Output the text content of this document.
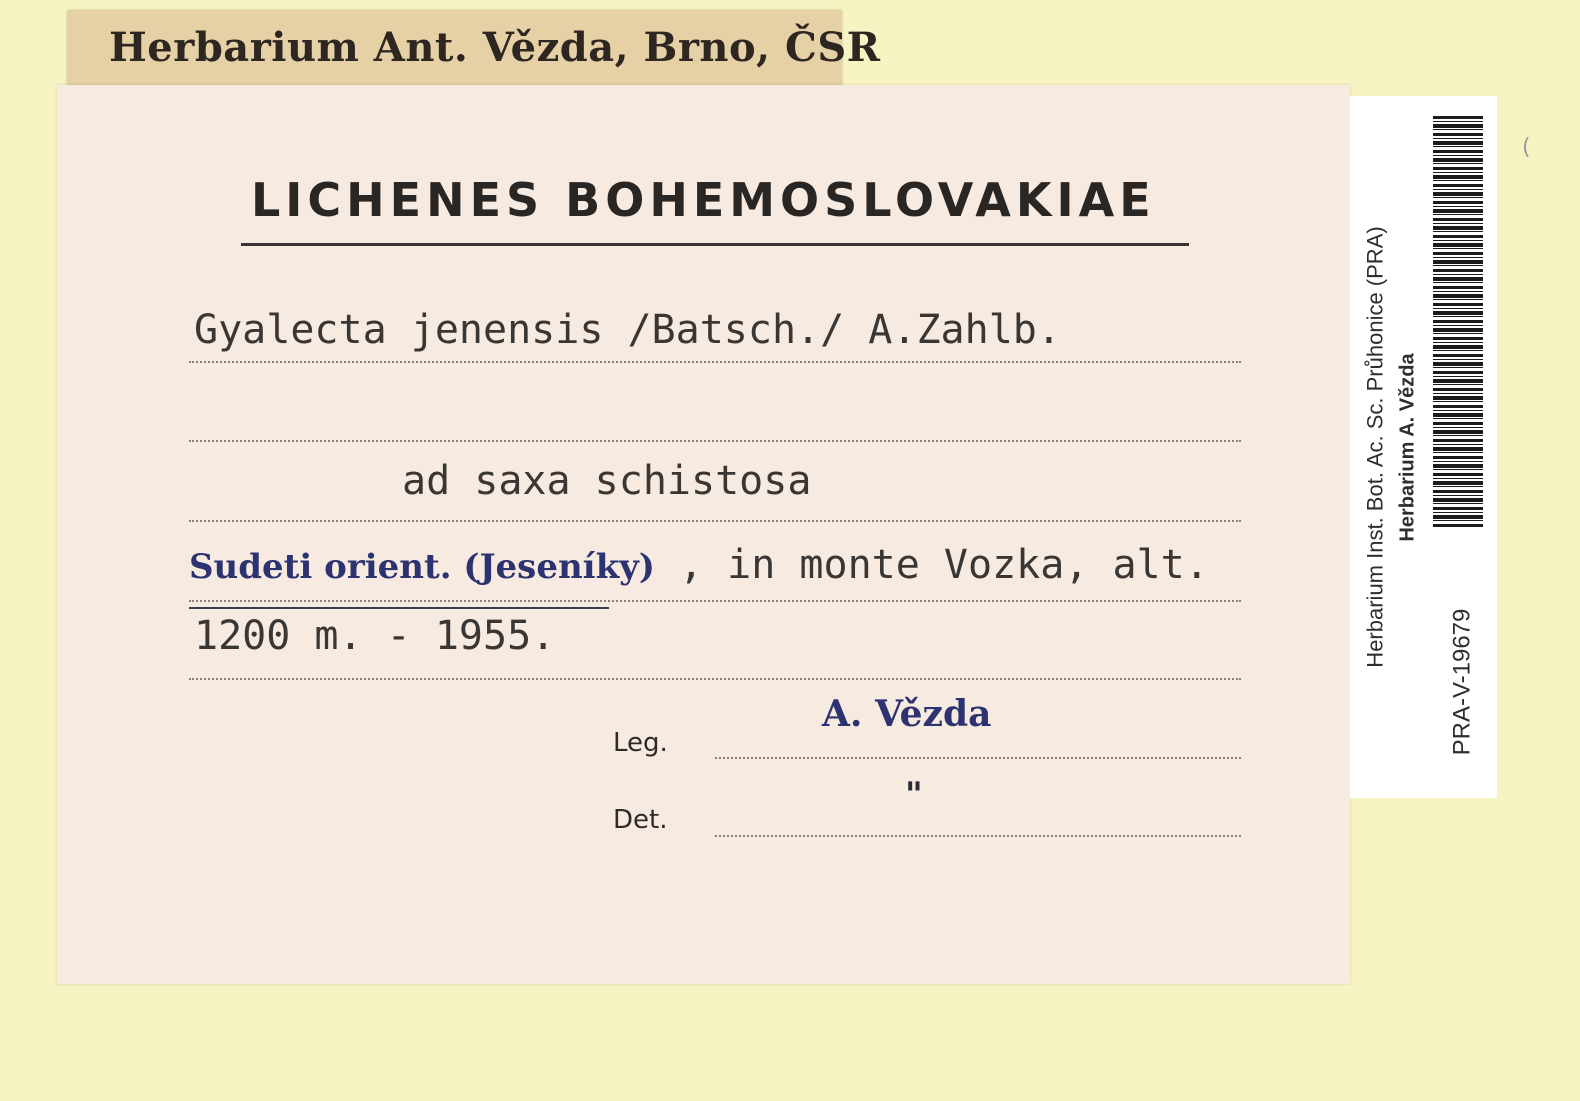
Herbarium Ant. Vězda, Brno, ČSR
LICHENES BOHEMOSLOVAKIAE
Gyalecta jenensis /Batsch./ A.Zahlb.
ad saxa schistosa
Sudeti orient. (Jeseníky) , in monte Vozka, alt.
1200 m. - 1955.
Leg.
A. Vězda
Det.
"
Herbarium Inst. Bot. Ac. Sc. Průhonice (PRA) Herbarium A. Vězda
PRA-V-19679
(
